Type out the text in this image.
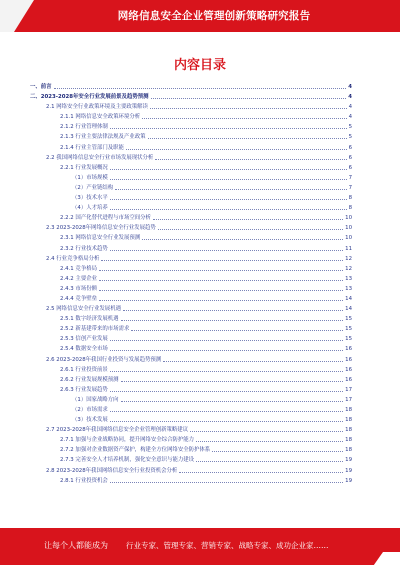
网络信息安全企业管理创新策略研究报告
内容目录
一、前言	4
二、2023-2028年安全行业发展前景及趋势预测	4
2.1 网络安全行业政策环境及主要政策解读	4
2.1.1 网络信息安全政策环境分析	4
2.1.2 行业管理体制	5
2.1.3 行业主要法律法规及产业政策	5
2.1.4 行业主管部门及职能	6
2.2 我国网络信息安全行业市场发展现状分析	6
2.2.1 行业发展概况	6
（1）市场规模	7
（2）产业链结构	7
（3）技术水平	8
（4）人才培养	8
2.2.2 国产化替代进程与市场空间分析	10
2.3 2023-2028年网络信息安全行业发展趋势	10
2.3.1 网络信息安全行业发展预测	10
2.3.2 行业技术趋势	11
2.4 行业竞争格局分析	12
2.4.1 竞争格局	12
2.4.2 主要企业	13
2.4.3 市场份额	13
2.4.4 竞争壁垒	14
2.5 网络信息安全行业发展机遇	14
2.5.1 数字经济发展机遇	15
2.5.2 新基建带来的市场需求	15
2.5.3 信创产业发展	15
2.5.4 数据安全市场	16
2.6 2023-2028年我国行业投资与发展趋势预测	16
2.6.1 行业投资前景	16
2.6.2 行业发展规模预测	16
2.6.3 行业发展趋势	17
（1）国家战略方向	17
（2）市场需求	18
（3）技术发展	18
2.7 2023-2028年我国网络信息安全企业管理创新策略建议	18
2.7.1 加强与企业战略协同，提升网络安全综合防护能力	18
2.7.2 加强对企业数据资产保护，构建全方位网络安全防护体系	18
2.7.3 完善安全人才培养机制，强化安全意识与能力建设	19
2.8 2023-2028年我国网络信息安全行业投资机会分析	19
2.8.1 行业投资机会	19
让每个人都能成为 行业专家、管理专家、营销专家、战略专家、成功企业家……
